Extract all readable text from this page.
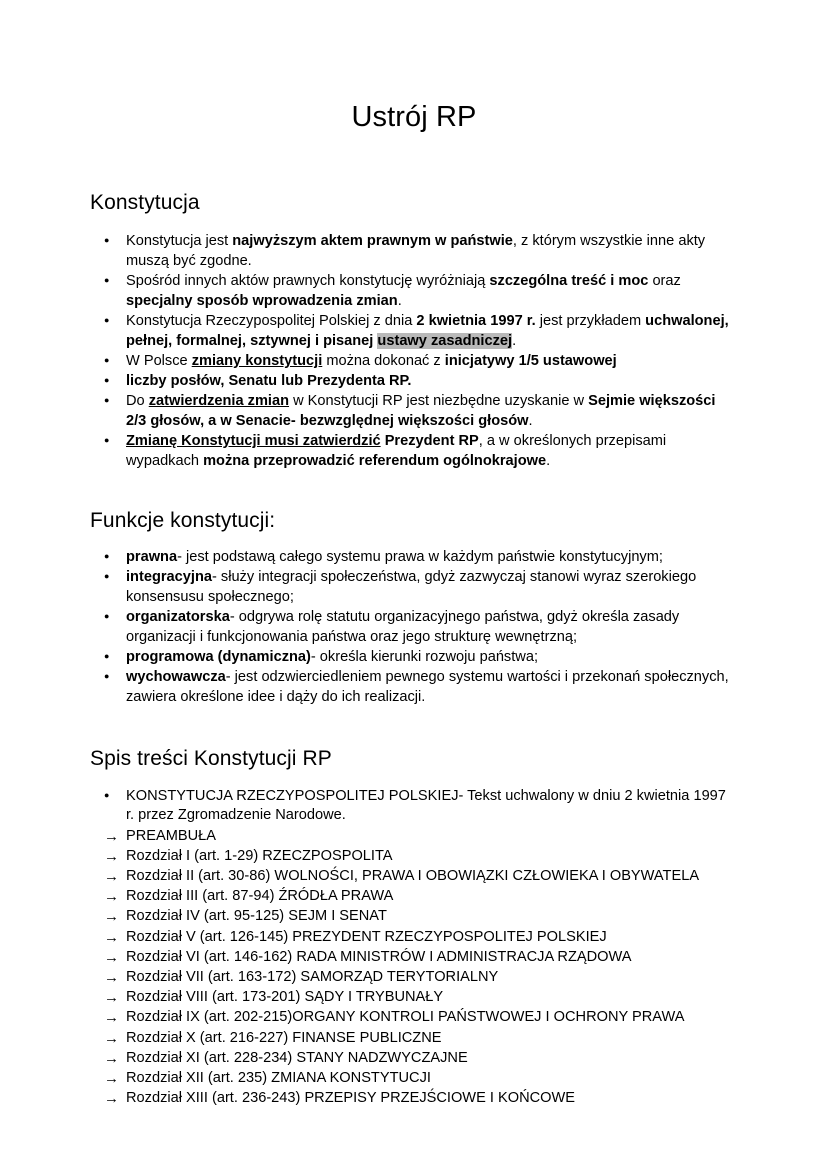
Ustrój RP
Konstytucja
●
Konstytucja jest najwyższym aktem prawnym w państwie, z którym wszystkie inne akty muszą być zgodne.
●
Spośród innych aktów prawnych konstytucję wyróżniają szczególna treść i moc oraz specjalny sposób wprowadzenia zmian.
●
Konstytucja Rzeczypospolitej Polskiej z dnia 2 kwietnia 1997 r. jest przykładem uchwalonej, pełnej, formalnej, sztywnej i pisanej ustawy zasadniczej.
●
W Polsce zmiany konstytucji można dokonać z inicjatywy 1/5 ustawowej
●
liczby posłów, Senatu lub Prezydenta RP.
●
Do zatwierdzenia zmian w Konstytucji RP jest niezbędne uzyskanie w Sejmie większości 2/3 głosów, a w Senacie- bezwzględnej większości głosów.
●
Zmianę Konstytucji musi zatwierdzić Prezydent RP, a w określonych przepisami wypadkach można przeprowadzić referendum ogólnokrajowe.
Funkcje konstytucji:
●
prawna- jest podstawą całego systemu prawa w każdym państwie konstytucyjnym;
●
integracyjna- służy integracji społeczeństwa, gdyż zazwyczaj stanowi wyraz szerokiego konsensusu społecznego;
●
organizatorska- odgrywa rolę statutu organizacyjnego państwa, gdyż określa zasady organizacji i funkcjonowania państwa oraz jego strukturę wewnętrzną;
●
programowa (dynamiczna)- określa kierunki rozwoju państwa;
●
wychowawcza- jest odzwierciedleniem pewnego systemu wartości i przekonań społecznych, zawiera określone idee i dąży do ich realizacji.
Spis treści Konstytucji RP
●
KONSTYTUCJA RZECZYPOSPOLITEJ POLSKIEJ- Tekst uchwalony w dniu 2 kwietnia 1997 r. przez Zgromadzenie Narodowe.
→
PREAMBUŁA
→
Rozdział I (art. 1-29) RZECZPOSPOLITA
→
Rozdział II (art. 30-86) WOLNOŚCI, PRAWA I OBOWIĄZKI CZŁOWIEKA I OBYWATELA
→
Rozdział III (art. 87-94) ŹRÓDŁA PRAWA
→
Rozdział IV (art. 95-125) SEJM I SENAT
→
Rozdział V (art. 126-145) PREZYDENT RZECZYPOSPOLITEJ POLSKIEJ
→
Rozdział VI (art. 146-162) RADA MINISTRÓW I ADMINISTRACJA RZĄDOWA
→
Rozdział VII (art. 163-172) SAMORZĄD TERYTORIALNY
→
Rozdział VIII (art. 173-201) SĄDY I TRYBUNAŁY
→
Rozdział IX (art. 202-215)ORGANY KONTROLI PAŃSTWOWEJ I OCHRONY PRAWA
→
Rozdział X (art. 216-227) FINANSE PUBLICZNE
→
Rozdział XI (art. 228-234) STANY NADZWYCZAJNE
→
Rozdział XII (art. 235) ZMIANA KONSTYTUCJI
→
Rozdział XIII (art. 236-243) PRZEPISY PRZEJŚCIOWE I KOŃCOWE
